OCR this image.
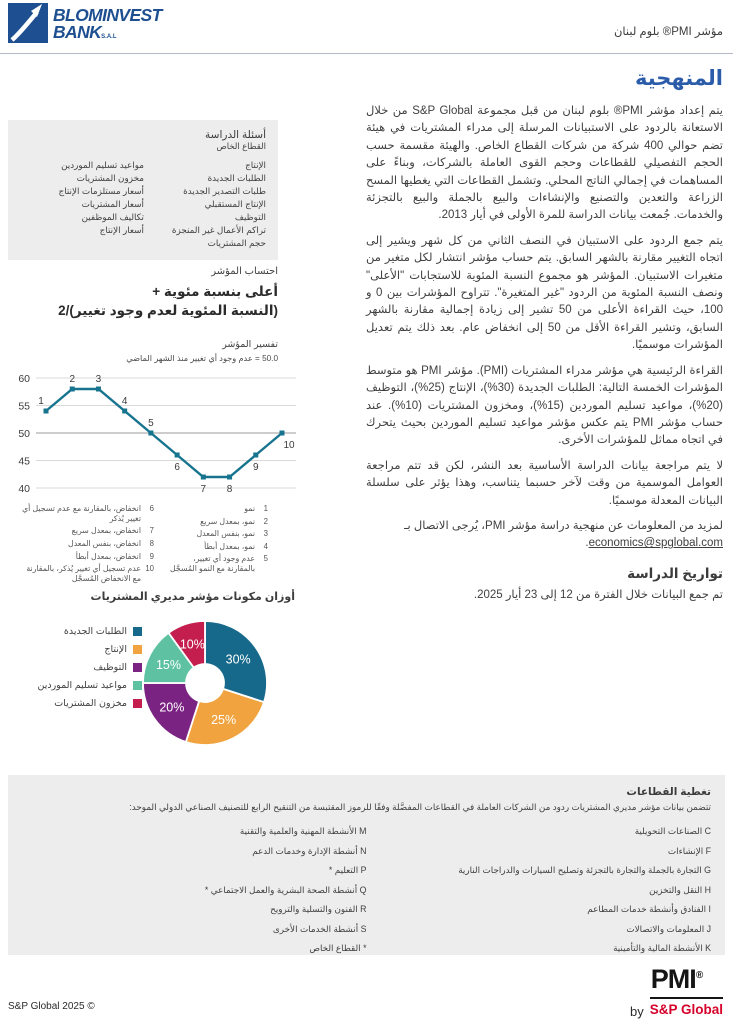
BLOMINVEST
BANKS.A.L	مؤشر PMI® بلوم لبنان
المنهجية

يتم إعداد مؤشر PMI® بلوم لبنان من قبل مجموعة S&P Global من خلال الاستعانة بالردود على الاستبيانات المرسلة إلى مدراء المشتريات في هيئة تضم حوالي 400 شركة من شركات القطاع الخاص. والهيئة مقسمة حسب الحجم التفصيلي للقطاعات وحجم القوى العاملة بالشركات، وبناءً على المساهمات في إجمالي الناتج المحلي. وتشمل القطاعات التي يغطيها المسح الزراعة والتعدين والتصنيع والإنشاءات والبيع بالجملة والبيع بالتجزئة والخدمات. جُمعت بيانات الدراسة للمرة الأولى في أيار 2013.

يتم جمع الردود على الاستبيان في النصف الثاني من كل شهر ويشير إلى اتجاه التغيير مقارنة بالشهر السابق. يتم حساب مؤشر انتشار لكل متغير من متغيرات الاستبيان. المؤشر هو مجموع النسبة المئوية للاستجابات "الأعلى" ونصف النسبة المئوية من الردود "غير المتغيرة". تتراوح المؤشرات بين 0 و 100، حيث القراءة الأعلى من 50 تشير إلى زيادة إجمالية مقارنة بالشهر السابق، وتشير القراءة الأقل من 50 إلى انخفاض عام. بعد ذلك يتم تعديل المؤشرات موسميًا.

القراءة الرئيسية هي مؤشر مدراء المشتريات (PMI). مؤشر PMI هو متوسط المؤشرات الخمسة التالية: الطلبات الجديدة (30%)، الإنتاج (25%)، التوظيف (20%)، مواعيد تسليم الموردين (15%)، ومخزون المشتريات (10%). عند حساب مؤشر PMI يتم عكس مؤشر مواعيد تسليم الموردين بحيث يتحرك في اتجاه مماثل للمؤشرات الأخرى.

لا يتم مراجعة بيانات الدراسة الأساسية بعد النشر، لكن قد تتم مراجعة العوامل الموسمية من وقت لآخر حسبما يتناسب، وهذا يؤثر على سلسلة البيانات المعدلة موسميًا.

لمزيد من المعلومات عن منهجية دراسة مؤشر PMI، يُرجى الاتصال بـ economics@spglobal.com.

تواريخ الدراسة
تم جمع البيانات خلال الفترة من 12 إلى 23 أيار 2025.
أسئلة الدراسة
القطاع الخاص
الإنتاج
الطلبات الجديدة
طلبات التصدير الجديدة
الإنتاج المستقبلي
التوظيف
تراكم الأعمال غير المنجزة
حجم المشتريات
مواعيد تسليم الموردين
مخزون المشتريات
أسعار مستلزمات الإنتاج
أسعار المشتريات
تكاليف الموظفين
أسعار الإنتاج
احتساب المؤشر
أعلى بنسبة مئوية +
(النسبة المئوية لعدم وجود تغيير)/2
تفسير المؤشر
50.0 = عدم وجود أي تغيير منذ الشهر الماضي
40
45
50
55
60
1
2 3
4
5
6
7 8
9
10
1
نمو
2
نمو، بمعدل سريع
3
نمو، بنفس المعدل
4
نمو، بمعدل أبطأ
5
عدم وجود أي تغيير، بالمقارنة مع النمو المُسجَّل
6
انخفاض، بالمقارنة مع عدم تسجيل أي تغيير يُذكر
7
انخفاض، بمعدل سريع
8
انخفاض، بنفس المعدل
9
انخفاض، بمعدل أبطأ
10
عدم تسجيل أي تغيير يُذكر، بالمقارنة مع الانخفاض المُسجَّل
أوزان مكونات مؤشر مديري المشتريات
الطلبات الجديدة
الإنتاج
التوظيف
مواعيد تسليم الموردين
مخزون المشتريات
30%
25%
20%
15%
10%
تغطية القطاعات
تتضمن بيانات مؤشر مديري المشتريات ردود من الشركات العاملة في القطاعات المفصَّلة وفقًا للرموز المقتبسة من التنقيح الرابع للتصنيف الصناعي الدولي الموحد:
C الصناعات التحويلية
F الإنشاءات
G التجارة بالجملة والتجارة بالتجزئة وتصليح السيارات والدراجات النارية
H النقل والتخزين
I الفنادق وأنشطة خدمات المطاعم
J المعلومات والاتصالات
K الأنشطة المالية والتأمينية
M الأنشطة المهنية والعلمية والتقنية
N أنشطة الإدارة وخدمات الدعم
P التعليم *
Q أنشطة الصحة البشرية والعمل الاجتماعي *
R الفنون والتسلية والترويح
S أنشطة الخدمات الأخرى
* القطاع الخاص
S&P Global 2025 ©
PMI®
by S&P Global
